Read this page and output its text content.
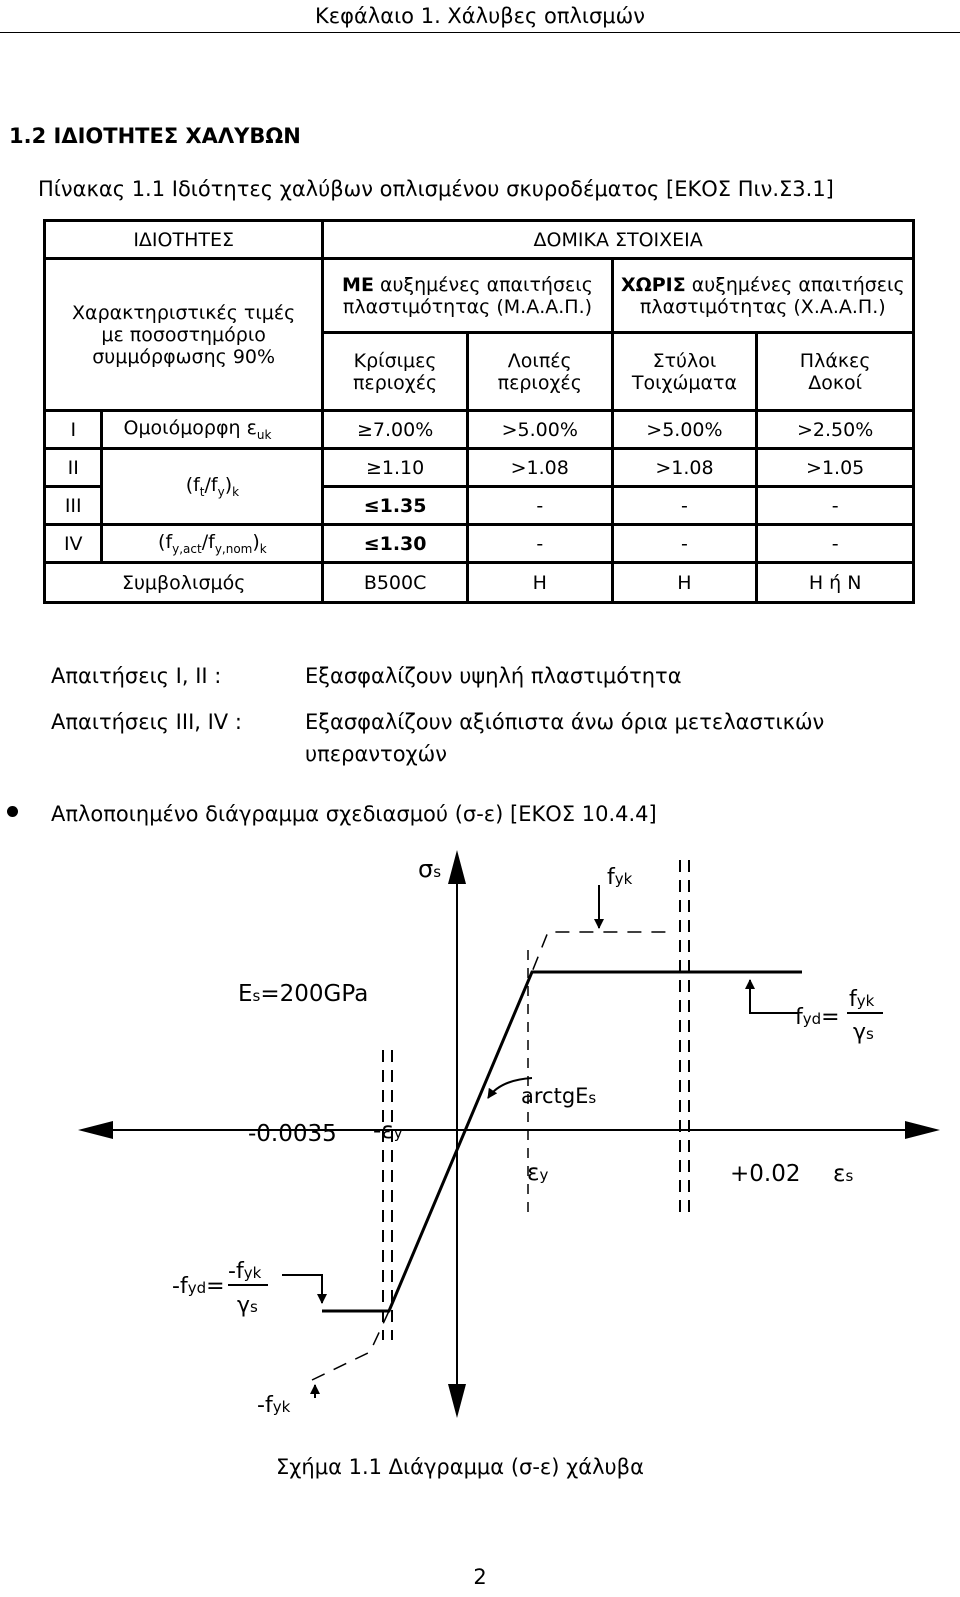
Κεφάλαιο 1. Χάλυβες οπλισμών
1.2 ΙΔΙΟΤΗΤΕΣ ΧΑΛΥΒΩΝ
Πίνακας 1.1 Ιδιότητες χαλύβων οπλισμένου σκυροδέματος [ΕΚΟΣ Πιν.Σ3.1]
ΙΔΙΟΤΗΤΕΣ		ΔΟΜΙΚΑ ΣΤΟΙΧΕΙΑ			
Χαρακτηριστικές τιμές με ποσοστημόριο συμμόρφωσης 90%		ΜΕ αυξημένες απαιτήσεις πλαστιμότητας (Μ.Α.Α.Π.)		ΧΩΡΙΣ αυξημένες απαιτήσεις πλαστιμότητας (Χ.Α.Α.Π.)	
		Κρίσιμες περιοχές	Λοιπές περιοχές	Στύλοι Τοιχώματα	Πλάκες Δοκοί
I	Ομοιόμορφη $\varepsilon_{uk}$	≥7.00%	>5.00%	>5.00%	>2.50%
II	$(f_t/f_y)_k$	≥1.10	>1.08	>1.08	>1.05
III		≤1.35	-	-	-
IV	$(f_{y,act}/f_{y,nom})_k$	≤1.30	-	-	-
Συμβολισμός		B500C	H	H	H ή N
Απαιτήσεις I, II :	Εξασφαλίζουν υψηλή πλαστιμότητα
Απαιτήσεις III, IV :	Εξασφαλίζουν αξιόπιστα άνω όρια μετελαστικών
υπεραντοχών
Απλοποιημένο διάγραμμα σχεδιασμού (σ-ε) [ΕΚΟΣ 10.4.4]
σs	fyk
Es=200GPa
fyd=
fyk
γs
arctgEs
-0.0035 -εy
εy	+0.02 εs
-fyd=
-fyk
γs
-fyk
Σχήμα 1.1 Διάγραμμα (σ-ε) χάλυβα
2
